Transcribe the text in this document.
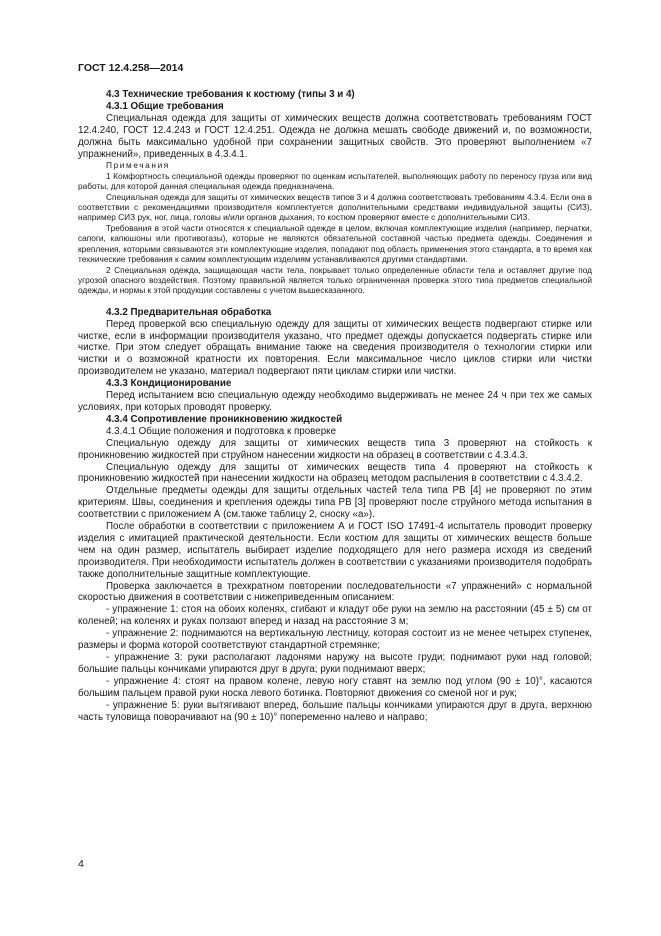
ГОСТ 12.4.258—2014

4.3 Технические требования к костюму (типы 3 и 4)

4.3.1 Общие требования

Специальная одежда для защиты от химических веществ должна соответствовать требованиям ГОСТ 12.4.240, ГОСТ 12.4.243 и ГОСТ 12.4.251. Одежда не должна мешать свободе движений и, по возможности, должна быть максимально удобной при сохранении защитных свойств. Это проверяют выполнением «7 упражнений», приведенных в 4.3.4.1.

Примечания

1 Комфортность специальной одежды проверяют по оценкам испытателей, выполняющих работу по переносу груза или вид работы, для которой данная специальная одежда предназначена.

Специальная одежда для защиты от химических веществ типов 3 и 4 должна соответствовать требованиям 4.3.4. Если она в соответствии с рекомендациями производителя комплектуется дополнительными средствами индивидуальной защиты (СИЗ), например СИЗ рук, ног, лица, головы и/или органов дыхания, то костюм проверяют вместе с дополнительными СИЗ.

Требования в этой части относятся к специальной одежде в целом, включая комплектующие изделия (например, перчатки, сапоги, капюшоны или противогазы), которые не являются обязательной составной частью предмета одежды. Соединения и крепления, которыми связываются эти комплектующие изделия, попадают под область применения этого стандарта, в то время как технические требования к самим комплектующим изделиям устанавливаются другими стандартами.

2 Специальная одежда, защищающая части тела, покрывает только определенные области тела и оставляет другие под угрозой опасного воздействия. Поэтому правильной является только ограниченная проверка этого типа предметов специальной одежды, и нормы к этой продукции составлены с учетом вышесказанного.

4.3.2 Предварительная обработка

Перед проверкой всю специальную одежду для защиты от химических веществ подвергают стирке или чистке, если в информации производителя указано, что предмет одежды допускается подвергать стирке или чистке. При этом следует обращать внимание также на сведения производителя о технологии стирки или чистки и о возможной кратности их повторения. Если максимальное число циклов стирки или чистки производителем не указано, материал подвергают пяти циклам стирки или чистки.

4.3.3 Кондиционирование

Перед испытанием всю специальную одежду необходимо выдерживать не менее 24 ч при тех же самых условиях, при которых проводят проверку.

4.3.4 Сопротивление проникновению жидкостей

4.3.4.1 Общие положения и подготовка к проверке

Специальную одежду для защиты от химических веществ типа 3 проверяют на стойкость к проникновению жидкостей при струйном нанесении жидкости на образец в соответствии с 4.3.4.3.

Специальную одежду для защиты от химических веществ типа 4 проверяют на стойкость к проникновению жидкостей при нанесении жидкости на образец методом распыления в соответствии с 4.3.4.2.

Отдельные предметы одежды для защиты отдельных частей тела типа PB [4] не проверяют по этим критериям. Швы, соединения и крепления одежды типа PB [3] проверяют после струйного метода испытания в соответствии с приложением А (см.также таблицу 2, сноску «а»).

После обработки в соответствии с приложением А и ГОСТ ISO 17491-4 испытатель проводит проверку изделия с имитацией практической деятельности. Если костюм для защиты от химических веществ больше чем на один размер, испытатель выбирает изделие подходящего для него размера исходя из сведений производителя. При необходимости испытатель должен в соответствии с указаниями производителя подобрать также дополнительные защитные комплектующие.

Проверка заключается в трехкратном повторении последовательности «7 упражнений» с нормальной скоростью движения в соответствии с нижеприведенным описанием:

- упражнение 1: стоя на обоих коленях, сгибают и кладут обе руки на землю на расстоянии (45 ± 5) см от коленей; на коленях и руках ползают вперед и назад на расстояние 3 м;

- упражнение 2: поднимаются на вертикальную лестницу, которая состоит из не менее четырех ступенек, размеры и форма которой соответствуют стандартной стремянке;

- упражнение 3: руки располагают ладонями наружу на высоте груди; поднимают руки над головой; большие пальцы кончиками упираются друг в друга; руки поднимают вверх;

- упражнение 4: стоят на правом колене, левую ногу ставят на землю под углом (90 ± 10)°, касаются большим пальцем правой руки носка левого ботинка. Повторяют движения со сменой ног и рук;

- упражнение 5: руки вытягивают вперед, большие пальцы кончиками упираются друг в друга, верхнюю часть туловища поворачивают на (90 ± 10)° попеременно налево и направо;

4
